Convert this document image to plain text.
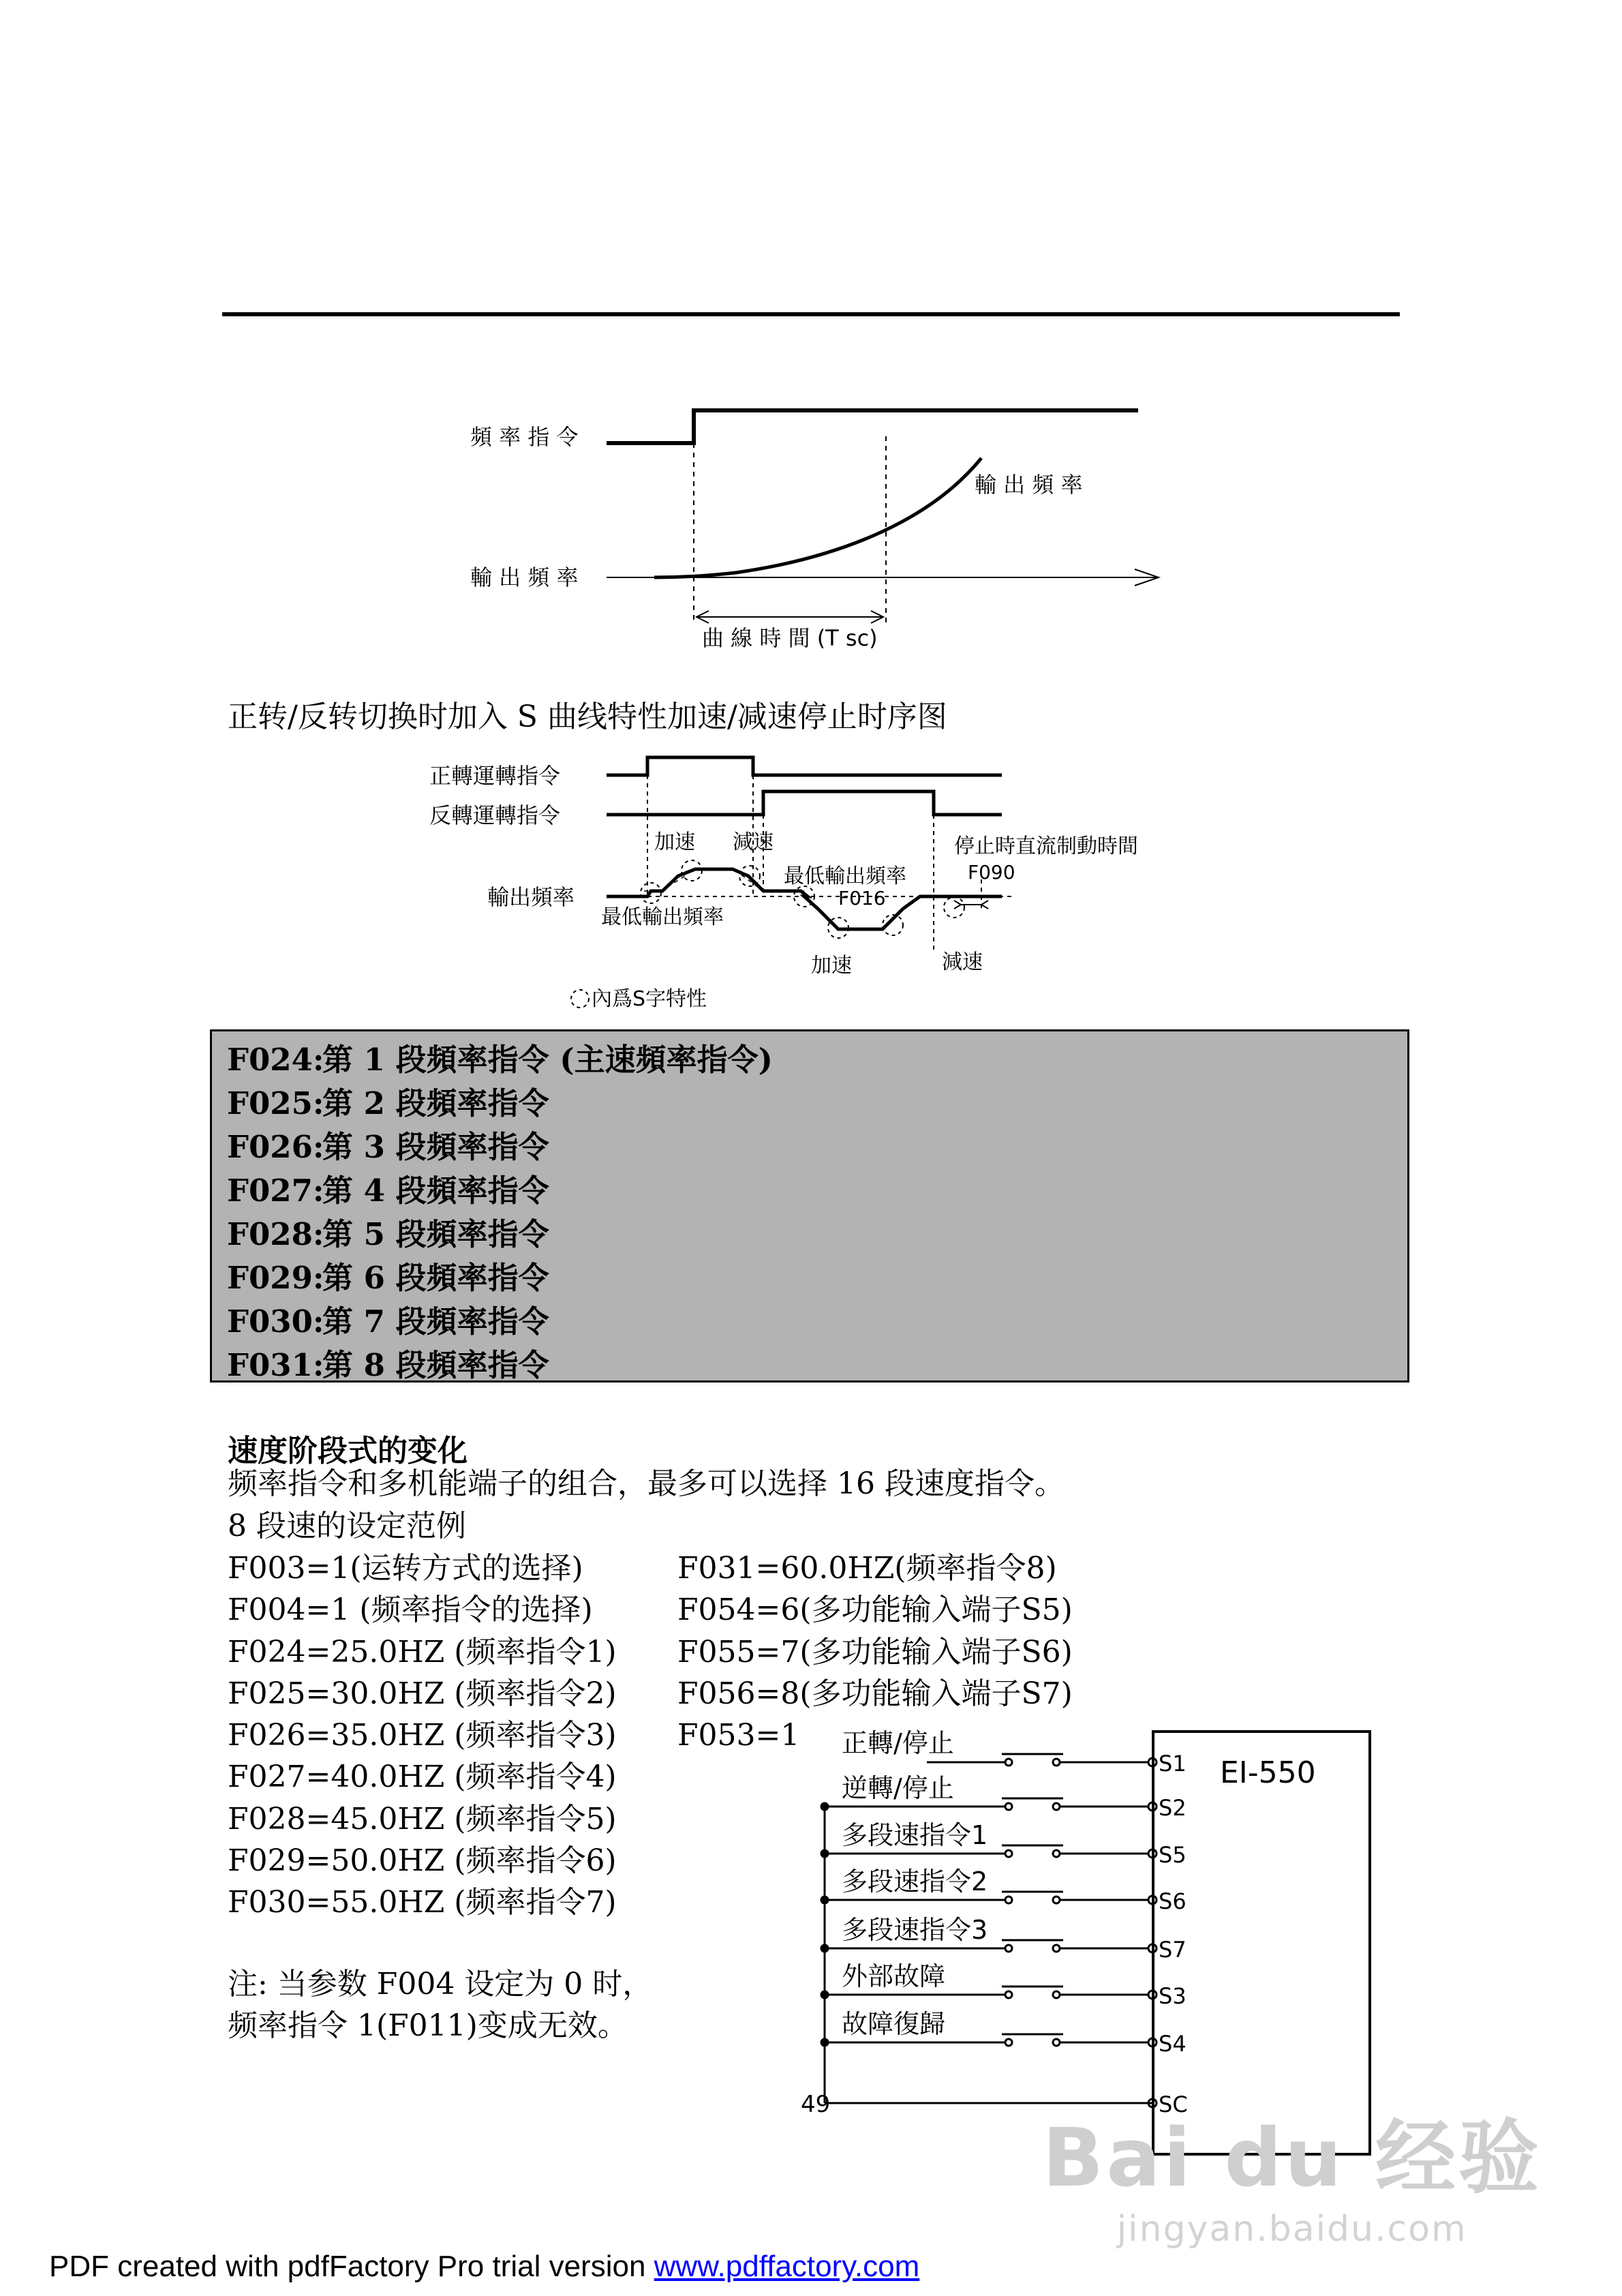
頻 率 指 令
輸 出 頻 率
輸 出 頻 率
曲 線 時 間 (T sc)
正转/反转切换时加入 S 曲线特性加速/减速停止时序图
正轉運轉指令
反轉運轉指令
輸出頻率
加速 減速
最低輸出頻率
F016
最低輸出頻率
停止時直流制動時間
F090
加速	減速
內爲S字特性
F024:第 1 段頻率指令 (主速頻率指令)
F025:第 2 段頻率指令
F026:第 3 段頻率指令
F027:第 4 段頻率指令
F028:第 5 段頻率指令
F029:第 6 段頻率指令
F030:第 7 段頻率指令
F031:第 8 段頻率指令
速度阶段式的变化
频率指令和多机能端子的组合，最多可以选择 16 段速度指令。
8 段速的设定范例
F003=1(运转方式的选择)
F004=1 (频率指令的选择)
F024=25.0HZ (频率指令1)
F025=30.0HZ (频率指令2)
F026=35.0HZ (频率指令3)
F027=40.0HZ (频率指令4)
F028=45.0HZ (频率指令5)
F029=50.0HZ (频率指令6)
F030=55.0HZ (频率指令7)
F031=60.0HZ(频率指令8)
F054=6(多功能输入端子S5)
F055=7(多功能输入端子S6)
F056=8(多功能输入端子S7)
F053=1
注: 当参数 F004 设定为 0 时，
频率指令 1(F011)变成无效。
EI-550
正轉/停止
逆轉/停止
多段速指令1
多段速指令2
多段速指令3
外部故障
故障復歸
S1
S2
S5
S6
S7
S3
S4
SC
49
Bai du 经验
jingyan.baidu.com
PDF created with pdfFactory Pro trial version www.pdffactory.com
